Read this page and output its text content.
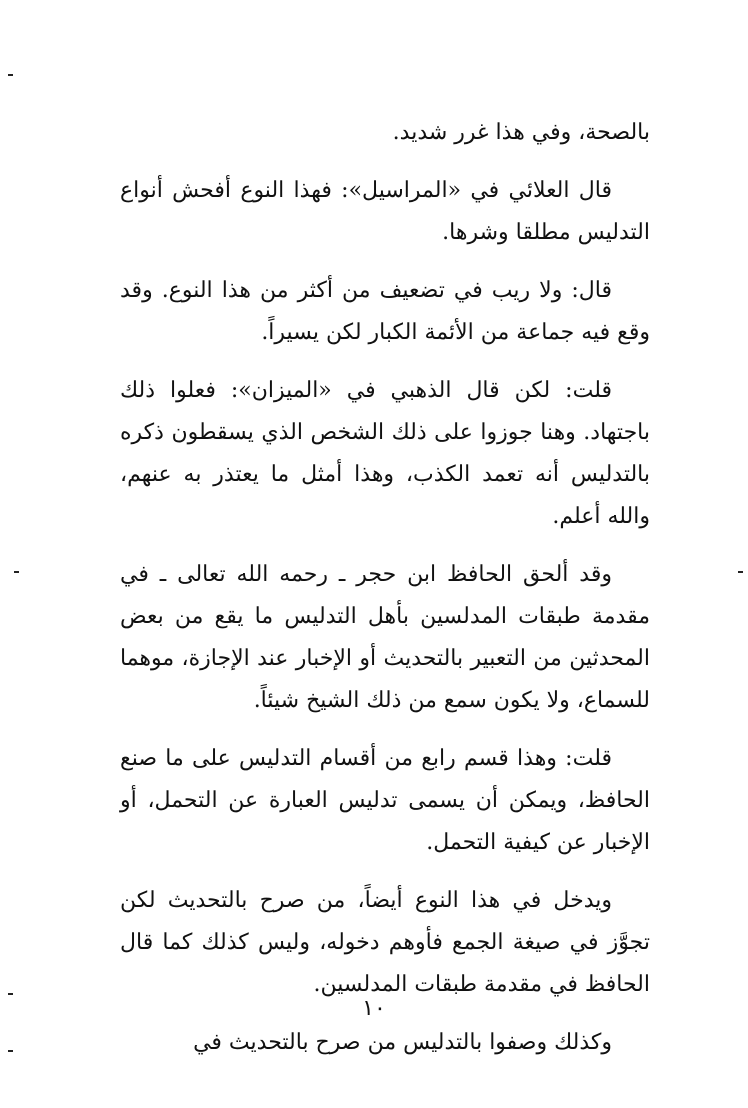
بالصحة، وفي هذا غرر شديد.

قال العلائي في «المراسيل»: فهذا النوع أفحش أنواع التدليس مطلقا وشرها.

قال: ولا ريب في تضعيف من أكثر من هذا النوع. وقد وقع فيه جماعة من الأئمة الكبار لكن يسيراً.

قلت: لكن قال الذهبي في «الميزان»: فعلوا ذلك باجتهاد. وهنا جوزوا على ذلك الشخص الذي يسقطون ذكره بالتدليس أنه تعمد الكذب، وهذا أمثل ما يعتذر به عنهم، والله أعلم.

وقد ألحق الحافظ ابن حجر ـ رحمه الله تعالى ـ في مقدمة طبقات المدلسين بأهل التدليس ما يقع من بعض المحدثين من التعبير بالتحديث أو الإخبار عند الإجازة، موهما للسماع، ولا يكون سمع من ذلك الشيخ شيئاً.

قلت: وهذا قسم رابع من أقسام التدليس على ما صنع الحافظ، ويمكن أن يسمى تدليس العبارة عن التحمل، أو الإخبار عن كيفية التحمل.

ويدخل في هذا النوع أيضاً، من صرح بالتحديث لكن تجوَّز في صيغة الجمع فأوهم دخوله، وليس كذلك كما قال الحافظ في مقدمة طبقات المدلسين.

وكذلك وصفوا بالتدليس من صرح بالتحديث في

١٠
